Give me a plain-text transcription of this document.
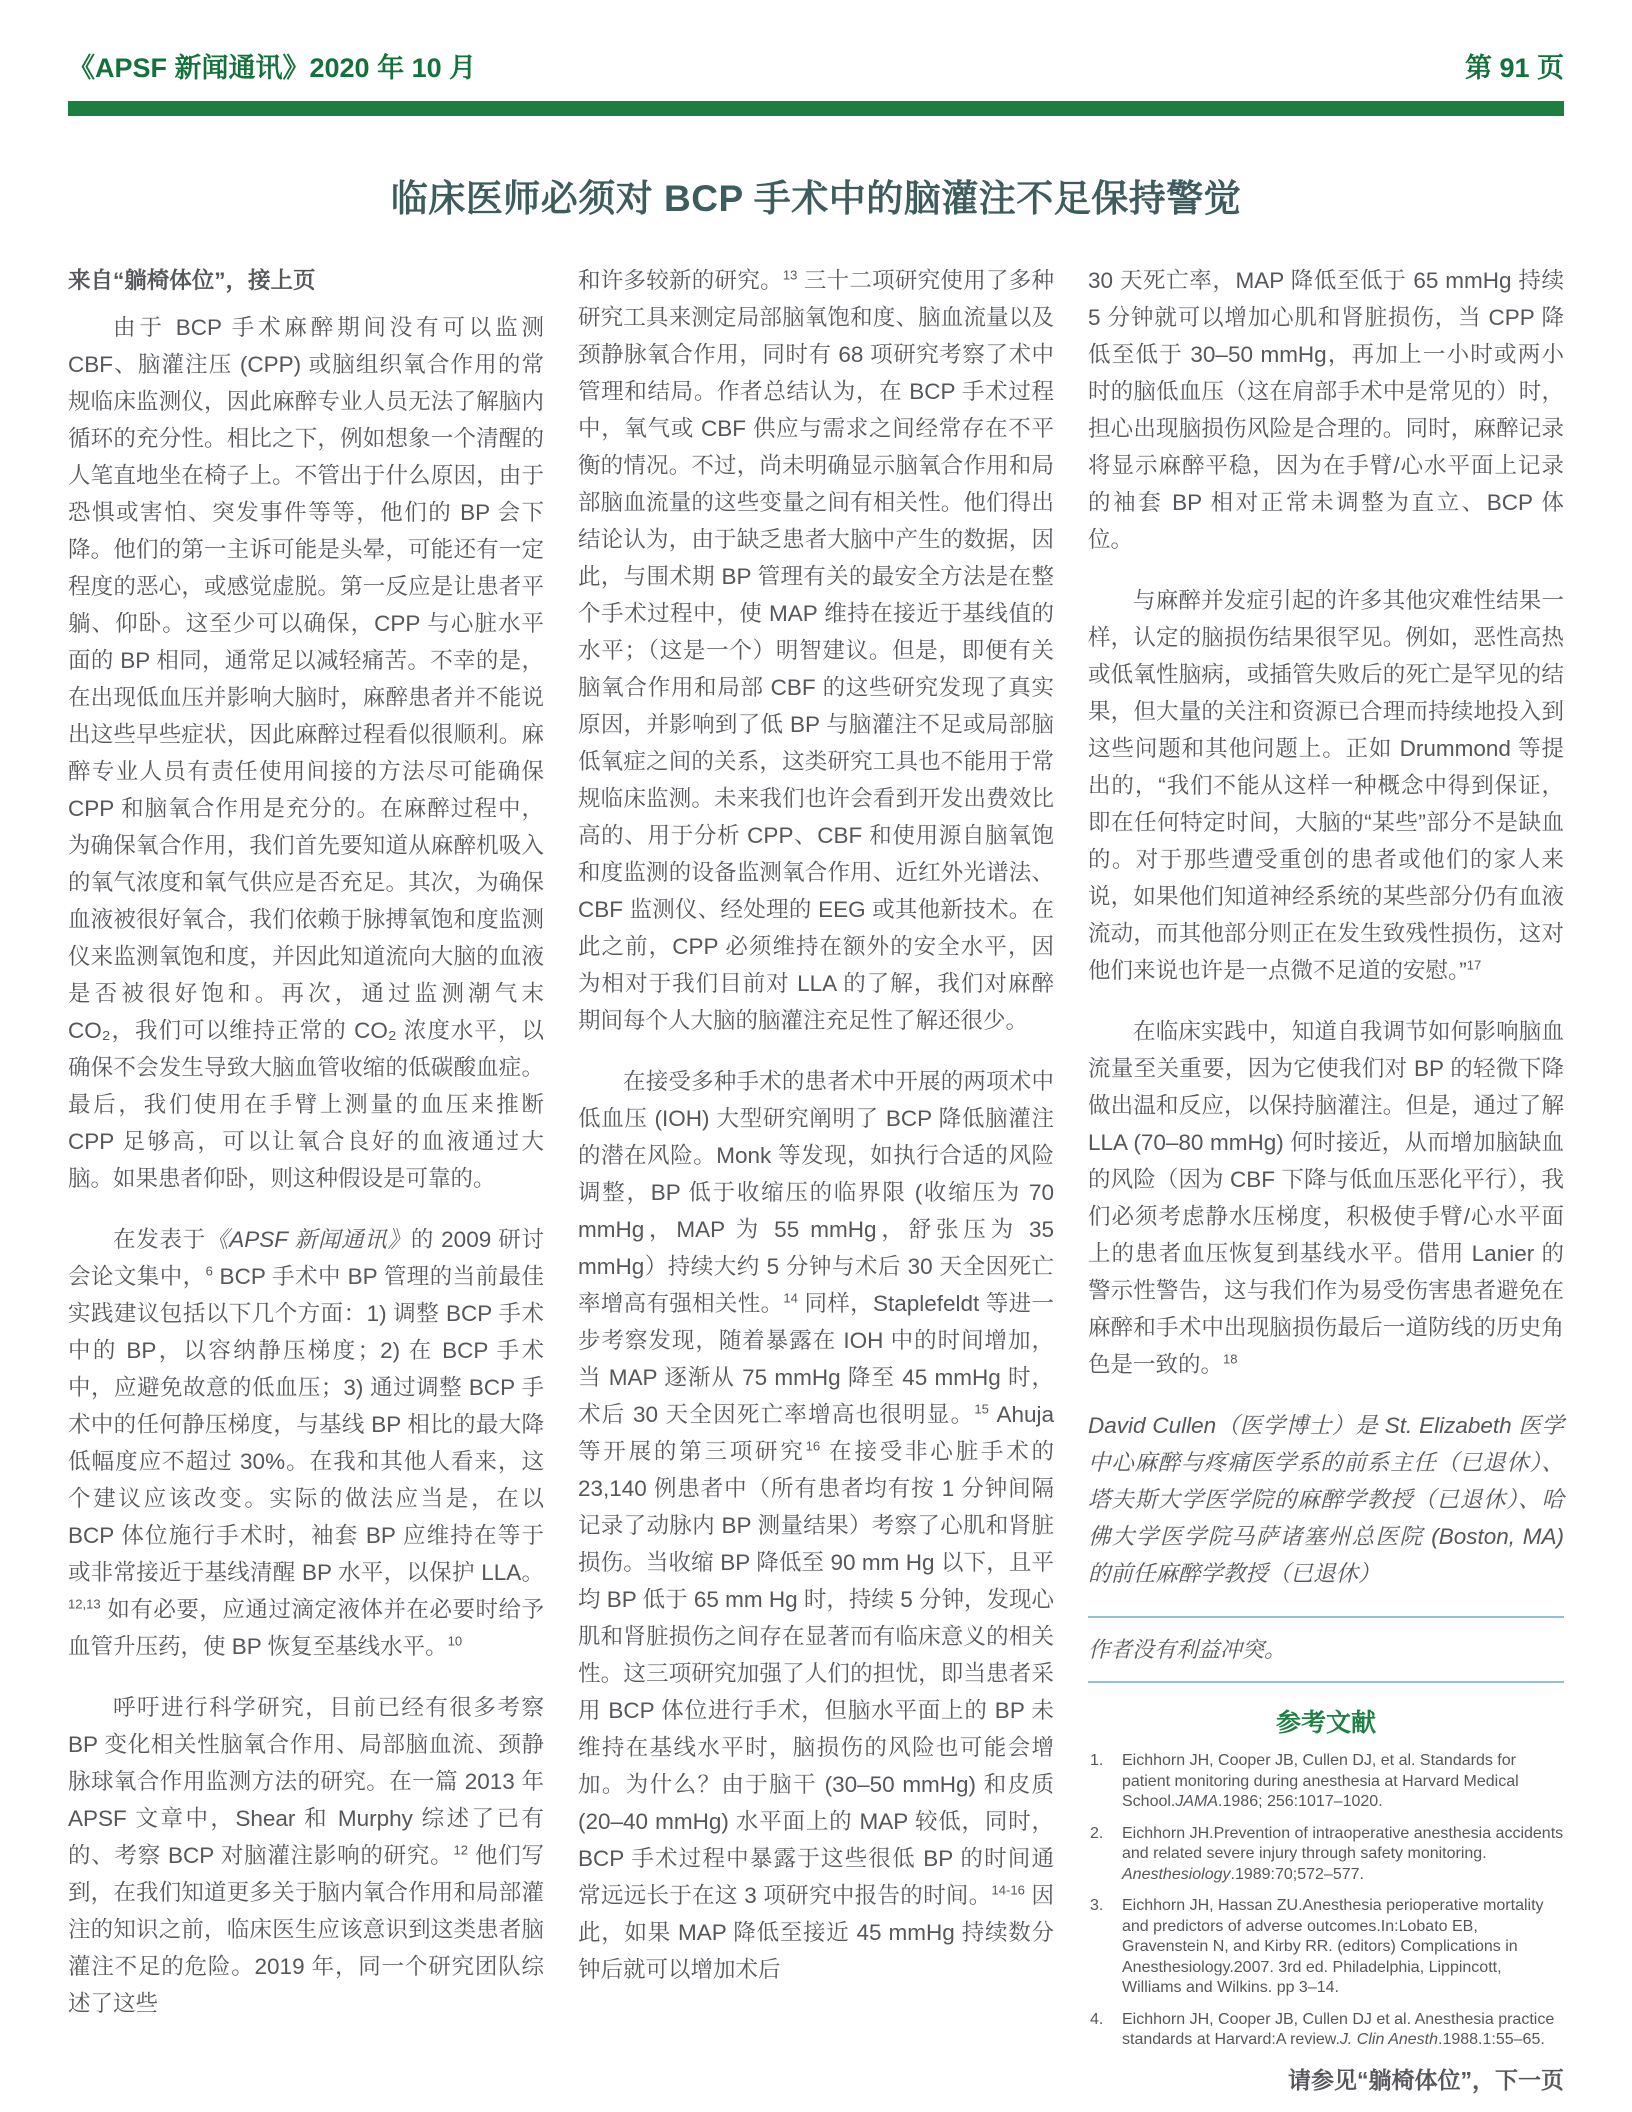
《APSF 新闻通讯》2020 年 10 月	第 91 页
临床医师必须对 BCP 手术中的脑灌注不足保持警觉

来自“躺椅体位”，接上页

由于 BCP 手术麻醉期间没有可以监测 CBF、脑灌注压 (CPP) 或脑组织氧合作用的常规临床监测仪，因此麻醉专业人员无法了解脑内循环的充分性。相比之下，例如想象一个清醒的人笔直地坐在椅子上。不管出于什么原因，由于恐惧或害怕、突发事件等等，他们的 BP 会下降。他们的第一主诉可能是头晕，可能还有一定程度的恶心，或感觉虚脱。第一反应是让患者平躺、仰卧。这至少可以确保，CPP 与心脏水平面的 BP 相同，通常足以减轻痛苦。不幸的是，在出现低血压并影响大脑时，麻醉患者并不能说出这些早些症状，因此麻醉过程看似很顺利。麻醉专业人员有责任使用间接的方法尽可能确保 CPP 和脑氧合作用是充分的。在麻醉过程中，为确保氧合作用，我们首先要知道从麻醉机吸入的氧气浓度和氧气供应是否充足。其次，为确保血液被很好氧合，我们依赖于脉搏氧饱和度监测仪来监测氧饱和度，并因此知道流向大脑的血液是否被很好饱和。再次，通过监测潮气末 CO₂，我们可以维持正常的 CO₂ 浓度水平，以确保不会发生导致大脑血管收缩的低碳酸血症。最后，我们使用在手臂上测量的血压来推断 CPP 足够高，可以让氧合良好的血液通过大脑。如果患者仰卧，则这种假设是可靠的。

在发表于《APSF 新闻通讯》的 2009 研讨会论文集中，$^6$ BCP 手术中 BP 管理的当前最佳实践建议包括以下几个方面：1) 调整 BCP 手术中的 BP，以容纳静压梯度；2) 在 BCP 手术中，应避免故意的低血压；3) 通过调整 BCP 手术中的任何静压梯度，与基线 BP 相比的最大降低幅度应不超过 30%。在我和其他人看来，这个建议应该改变。实际的做法应当是，在以 BCP 体位施行手术时，袖套 BP 应维持在等于或非常接近于基线清醒 BP 水平，以保护 LLA。$^{12,13}$ 如有必要，应通过滴定液体并在必要时给予血管升压药，使 BP 恢复至基线水平。$^{10}$

呼吁进行科学研究，目前已经有很多考察 BP 变化相关性脑氧合作用、局部脑血流、颈静脉球氧合作用监测方法的研究。在一篇 2013 年 APSF 文章中，Shear 和 Murphy 综述了已有的、考察 BCP 对脑灌注影响的研究。$^{12}$ 他们写到，在我们知道更多关于脑内氧合作用和局部灌注的知识之前，临床医生应该意识到这类患者脑灌注不足的危险。2019 年，同一个研究团队综述了这些

和许多较新的研究。$^{13}$ 三十二项研究使用了多种研究工具来测定局部脑氧饱和度、脑血流量以及颈静脉氧合作用，同时有 68 项研究考察了术中管理和结局。作者总结认为，在 BCP 手术过程中，氧气或 CBF 供应与需求之间经常存在不平衡的情况。不过，尚未明确显示脑氧合作用和局部脑血流量的这些变量之间有相关性。他们得出结论认为，由于缺乏患者大脑中产生的数据，因此，与围术期 BP 管理有关的最安全方法是在整个手术过程中，使 MAP 维持在接近于基线值的水平；（这是一个）明智建议。但是，即便有关脑氧合作用和局部 CBF 的这些研究发现了真实原因，并影响到了低 BP 与脑灌注不足或局部脑低氧症之间的关系，这类研究工具也不能用于常规临床监测。未来我们也许会看到开发出费效比高的、用于分析 CPP、CBF 和使用源自脑氧饱和度监测的设备监测氧合作用、近红外光谱法、CBF 监测仪、经处理的 EEG 或其他新技术。在此之前，CPP 必须维持在额外的安全水平，因为相对于我们目前对 LLA 的了解，我们对麻醉期间每个人大脑的脑灌注充足性了解还很少。

在接受多种手术的患者术中开展的两项术中低血压 (IOH) 大型研究阐明了 BCP 降低脑灌注的潜在风险。Monk 等发现，如执行合适的风险调整，BP 低于收缩压的临界限 (收缩压为 70 mmHg，MAP 为 55 mmHg，舒张压为 35 mmHg）持续大约 5 分钟与术后 30 天全因死亡率增高有强相关性。$^{14}$ 同样，Staplefeldt 等进一步考察发现，随着暴露在 IOH 中的时间增加，当 MAP 逐渐从 75 mmHg 降至 45 mmHg 时，术后 30 天全因死亡率增高也很明显。$^{15}$ Ahuja 等开展的第三项研究$^{16}$ 在接受非心脏手术的 23,140 例患者中（所有患者均有按 1 分钟间隔记录了动脉内 BP 测量结果）考察了心肌和肾脏损伤。当收缩 BP 降低至 90 mm Hg 以下，且平均 BP 低于 65 mm Hg 时，持续 5 分钟，发现心肌和肾脏损伤之间存在显著而有临床意义的相关性。这三项研究加强了人们的担忧，即当患者采用 BCP 体位进行手术，但脑水平面上的 BP 未维持在基线水平时，脑损伤的风险也可能会增加。为什么？由于脑干 (30–50 mmHg) 和皮质 (20–40 mmHg) 水平面上的 MAP 较低，同时，BCP 手术过程中暴露于这些很低 BP 的时间通常远远长于在这 3 项研究中报告的时间。$^{14-16}$ 因此，如果 MAP 降低至接近 45 mmHg 持续数分钟后就可以增加术后

30 天死亡率，MAP 降低至低于 65 mmHg 持续 5 分钟就可以增加心肌和肾脏损伤，当 CPP 降低至低于 30–50 mmHg，再加上一小时或两小时的脑低血压（这在肩部手术中是常见的）时，担心出现脑损伤风险是合理的。同时，麻醉记录将显示麻醉平稳，因为在手臂/心水平面上记录的袖套 BP 相对正常未调整为直立、BCP 体位。

与麻醉并发症引起的许多其他灾难性结果一样，认定的脑损伤结果很罕见。例如，恶性高热或低氧性脑病，或插管失败后的死亡是罕见的结果，但大量的关注和资源已合理而持续地投入到这些问题和其他问题上。正如 Drummond 等提出的，“我们不能从这样一种概念中得到保证，即在任何特定时间，大脑的“某些”部分不是缺血的。对于那些遭受重创的患者或他们的家人来说，如果他们知道神经系统的某些部分仍有血液流动，而其他部分则正在发生致残性损伤，这对他们来说也许是一点微不足道的安慰。”$^{17}$

在临床实践中，知道自我调节如何影响脑血流量至关重要，因为它使我们对 BP 的轻微下降做出温和反应，以保持脑灌注。但是，通过了解 LLA (70–80 mmHg) 何时接近，从而增加脑缺血的风险（因为 CBF 下降与低血压恶化平行），我们必须考虑静水压梯度，积极使手臂/心水平面上的患者血压恢复到基线水平。借用 Lanier 的警示性警告，这与我们作为易受伤害患者避免在麻醉和手术中出现脑损伤最后一道防线的历史角色是一致的。$^{18}$

David Cullen（医学博士）是 St. Elizabeth 医学中心麻醉与疼痛医学系的前系主任（已退休）、塔夫斯大学医学院的麻醉学教授（已退休）、哈佛大学医学院马萨诸塞州总医院 (Boston, MA) 的前任麻醉学教授（已退休）

作者没有利益冲突。

参考文献
1.	Eichhorn JH, Cooper JB, Cullen DJ, et al. Standards for patient monitoring during anesthesia at Harvard Medical School.JAMA.1986; 256:1017–1020.
2.	Eichhorn JH.Prevention of intraoperative anesthesia accidents and related severe injury through safety monitoring. Anesthesiology.1989:70;572–577.
3.	Eichhorn JH, Hassan ZU.Anesthesia perioperative mortality and predictors of adverse outcomes.In:Lobato EB, Gravenstein N, and Kirby RR. (editors) Complications in Anesthesiology.2007. 3rd ed. Philadelphia, Lippincott, Williams and Wilkins. pp 3–14.
4.	Eichhorn JH, Cooper JB, Cullen DJ et al. Anesthesia practice standards at Harvard:A review.J. Clin Anesth.1988.1:55–65.

请参见“躺椅体位”，下一页
